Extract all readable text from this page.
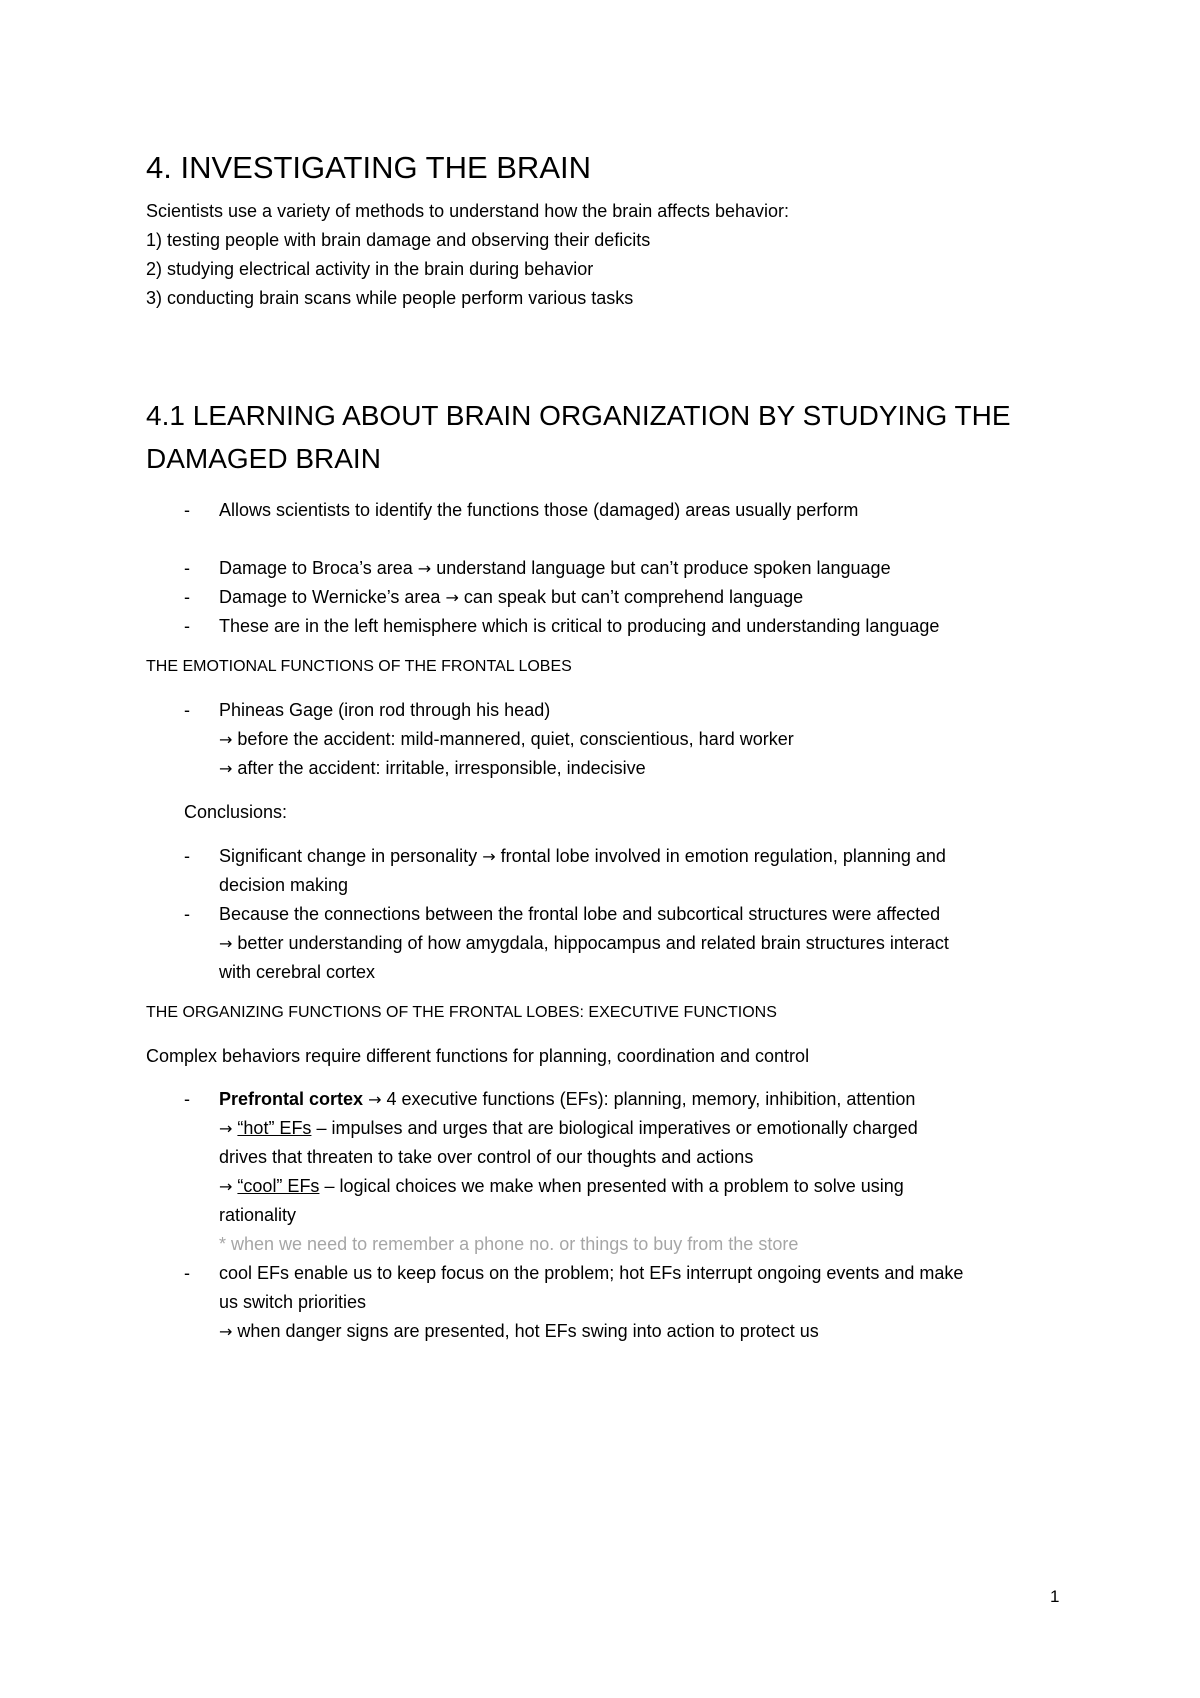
4. INVESTIGATING THE BRAIN

Scientists use a variety of methods to understand how the brain affects behavior:

1) testing people with brain damage and observing their deficits

2) studying electrical activity in the brain during behavior

3) conducting brain scans while people perform various tasks

4.1 LEARNING ABOUT BRAIN ORGANIZATION BY STUDYING THE
DAMAGED BRAIN
- Allows scientists to identify the functions those (damaged) areas usually perform
- Damage to Broca’s area → understand language but can’t produce spoken language
- Damage to Wernicke’s area → can speak but can’t comprehend language
- These are in the left hemisphere which is critical to producing and understanding language

THE EMOTIONAL FUNCTIONS OF THE FRONTAL LOBES

- Phineas Gage (iron rod through his head)
→ before the accident: mild-mannered, quiet, conscientious, hard worker
→ after the accident: irritable, irresponsible, indecisive

Conclusions:

- Significant change in personality → frontal lobe involved in emotion regulation, planning and
decision making
- Because the connections between the frontal lobe and subcortical structures were affected
→ better understanding of how amygdala, hippocampus and related brain structures interact
with cerebral cortex

THE ORGANIZING FUNCTIONS OF THE FRONTAL LOBES: EXECUTIVE FUNCTIONS

Complex behaviors require different functions for planning, coordination and control

- Prefrontal cortex → 4 executive functions (EFs): planning, memory, inhibition, attention
→ “hot” EFs – impulses and urges that are biological imperatives or emotionally charged
drives that threaten to take over control of our thoughts and actions
→ “cool” EFs – logical choices we make when presented with a problem to solve using
rationality
* when we need to remember a phone no. or things to buy from the store
- cool EFs enable us to keep focus on the problem; hot EFs interrupt ongoing events and make
us switch priorities
→ when danger signs are presented, hot EFs swing into action to protect us
1
